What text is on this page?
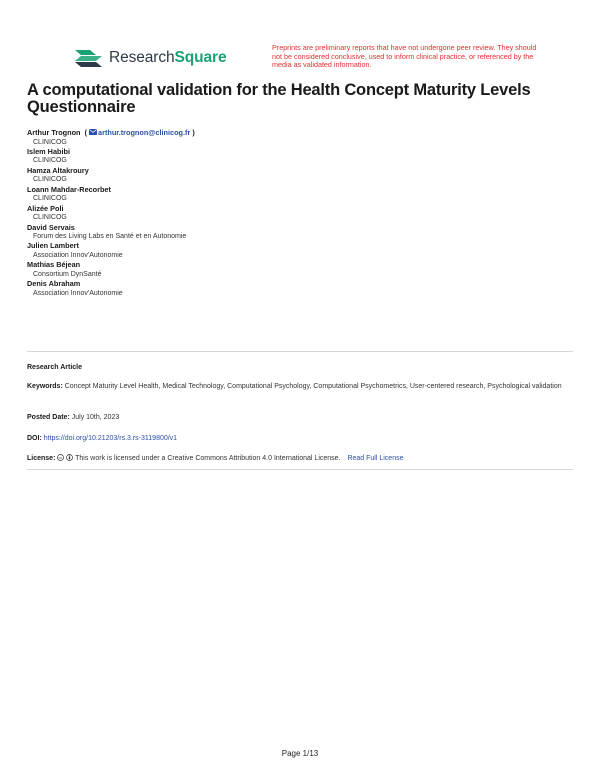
ResearchSquare
Preprints are preliminary reports that have not undergone peer review. They should not be considered conclusive, used to inform clinical practice, or referenced by the media as validated information.
A computational validation for the Health Concept Maturity Levels Questionnaire
Arthur Trognon ( arthur.trognon@clinicog.fr )
CLINICOG
Islem Habibi
CLINICOG
Hamza Altakroury
CLINICOG
Loann Mahdar-Recorbet
CLINICOG
Alizée Poli
CLINICOG
David Servais
Forum des Living Labs en Santé et en Autonomie
Julien Lambert
Association Innov'Autonomie
Mathias Béjean
Consortium DynSanté
Denis Abraham
Association Innov'Autonomie
Research Article
Keywords: Concept Maturity Level Health, Medical Technology, Computational Psychology, Computational Psychometrics, User-centered research, Psychological validation
Posted Date: July 10th, 2023
DOI: https://doi.org/10.21203/rs.3.rs-3119800/v1
License: cc This work is licensed under a Creative Commons Attribution 4.0 International License. Read Full License
Page 1/13
